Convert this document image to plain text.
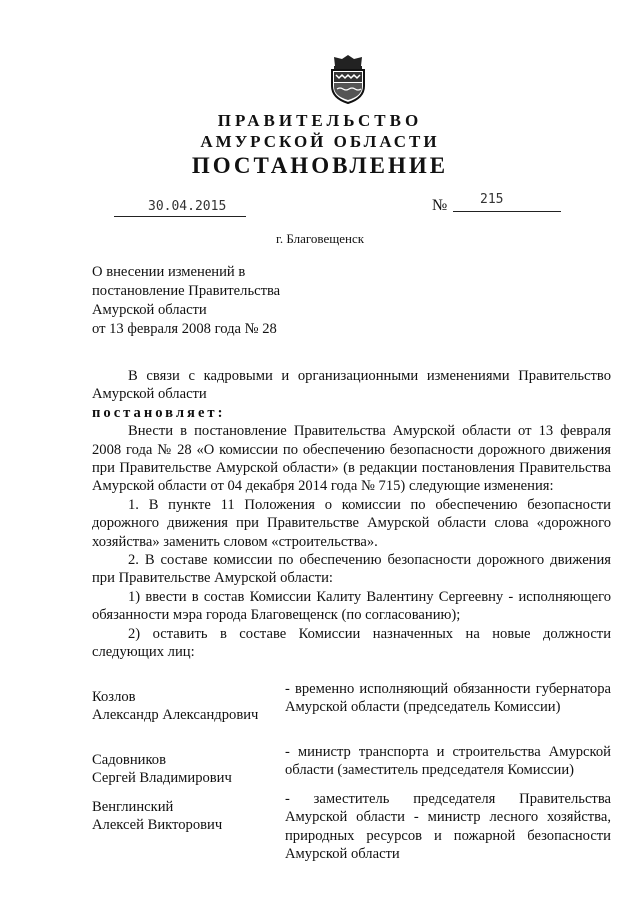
ПРАВИТЕЛЬСТВО
АМУРСКОЙ ОБЛАСТИ
ПОСТАНОВЛЕНИЕ
30.04.2015	№	215
г. Благовещенск
О внесении изменений в
постановление Правительства
Амурской области
от 13 февраля 2008 года № 28
В связи с кадровыми и организационными изменениями Правительство Амурской области
постановляет:
Внести в постановление Правительства Амурской области от 13 февраля 2008 года № 28 «О комиссии по обеспечению безопасности дорожного движения при Правительстве Амурской области» (в редакции постановления Правительства Амурской области от 04 декабря 2014 года № 715) следующие изменения:
1. В пункте 11 Положения о комиссии по обеспечению безопасности дорожного движения при Правительстве Амурской области слова «дорожного хозяйства» заменить словом «строительства».
2. В составе комиссии по обеспечению безопасности дорожного движения при Правительстве Амурской области:
1) ввести в состав Комиссии Калиту Валентину Сергеевну - исполняющего обязанности мэра города Благовещенск (по согласованию);
2) оставить в составе Комиссии назначенных на новые должности следующих лиц:
Козлов
Александр Александрович
- временно исполняющий обязанности губернатора Амурской области (председатель Комиссии)
Садовников
Сергей Владимирович
- министр транспорта и строительства Амурской области (заместитель председателя Комиссии)
Венглинский
Алексей Викторович
- заместитель председателя Правительства Амурской области - министр лесного хозяйства, природных ресурсов и пожарной безопасности Амурской области
